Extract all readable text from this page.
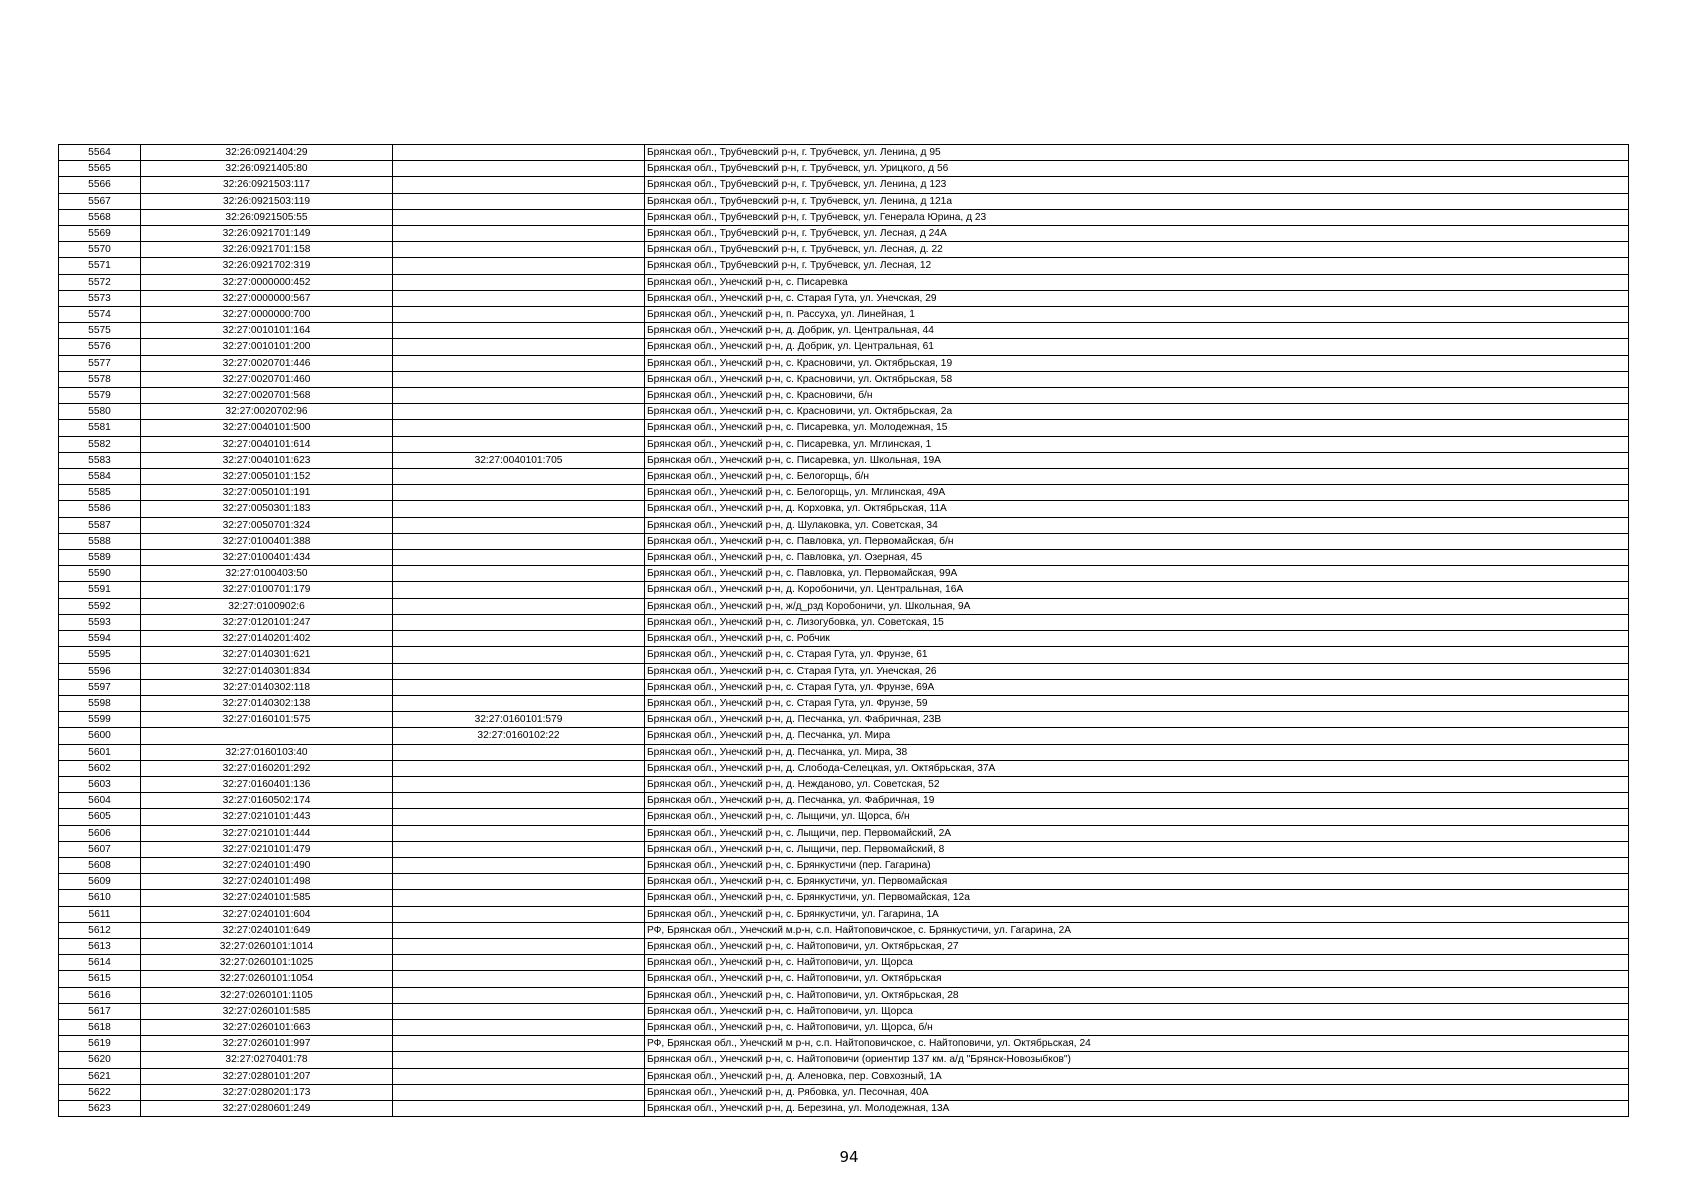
5564	32:26:0921404:29		Брянская обл., Трубчевский р-н, г. Трубчевск, ул. Ленина, д 95
5565	32:26:0921405:80		Брянская обл., Трубчевский р-н, г. Трубчевск, ул. Урицкого, д 56
5566	32:26:0921503:117		Брянская обл., Трубчевский р-н, г. Трубчевск, ул. Ленина, д 123
5567	32:26:0921503:119		Брянская обл., Трубчевский р-н, г. Трубчевск, ул. Ленина, д 121а
5568	32:26:0921505:55		Брянская обл., Трубчевский р-н, г. Трубчевск, ул. Генерала Юрина, д 23
5569	32:26:0921701:149		Брянская обл., Трубчевский р-н, г. Трубчевск, ул. Лесная, д 24А
5570	32:26:0921701:158		Брянская обл., Трубчевский р-н, г. Трубчевск, ул. Лесная, д. 22
5571	32:26:0921702:319		Брянская обл., Трубчевский р-н, г. Трубчевск, ул. Лесная, 12
5572	32:27:0000000:452		Брянская обл., Унечский р-н, с. Писаревка
5573	32:27:0000000:567		Брянская обл., Унечский р-н, с. Старая Гута, ул. Унечская, 29
5574	32:27:0000000:700		Брянская обл., Унечский р-н, п. Рассуха, ул. Линейная, 1
5575	32:27:0010101:164		Брянская обл., Унечский р-н, д. Добрик, ул. Центральная, 44
5576	32:27:0010101:200		Брянская обл., Унечский р-н, д. Добрик, ул. Центральная, 61
5577	32:27:0020701:446		Брянская обл., Унечский р-н, с. Красновичи, ул. Октябрьская, 19
5578	32:27:0020701:460		Брянская обл., Унечский р-н, с. Красновичи, ул. Октябрьская, 58
5579	32:27:0020701:568		Брянская обл., Унечский р-н, с. Красновичи, б/н
5580	32:27:0020702:96		Брянская обл., Унечский р-н, с. Красновичи, ул. Октябрьская, 2а
5581	32:27:0040101:500		Брянская обл., Унечский р-н, с. Писаревка, ул. Молодежная, 15
5582	32:27:0040101:614		Брянская обл., Унечский р-н, с. Писаревка, ул. Мглинская, 1
5583	32:27:0040101:623	32:27:0040101:705	Брянская обл., Унечский р-н, с. Писаревка, ул. Школьная, 19А
5584	32:27:0050101:152		Брянская обл., Унечский р-н, с. Белогорщь, б/н
5585	32:27:0050101:191		Брянская обл., Унечский р-н, с. Белогорщь, ул. Мглинская, 49А
5586	32:27:0050301:183		Брянская обл., Унечский р-н, д. Корховка, ул. Октябрьская, 11А
5587	32:27:0050701:324		Брянская обл., Унечский р-н, д. Шулаковка, ул. Советская, 34
5588	32:27:0100401:388		Брянская обл., Унечский р-н, с. Павловка, ул. Первомайская, б/н
5589	32:27:0100401:434		Брянская обл., Унечский р-н, с. Павловка, ул. Озерная, 45
5590	32:27:0100403:50		Брянская обл., Унечский р-н, с. Павловка, ул. Первомайская, 99А
5591	32:27:0100701:179		Брянская обл., Унечский р-н, д. Коробоничи, ул. Центральная, 16А
5592	32:27:0100902:6		Брянская обл., Унечский р-н, ж/д_рзд Коробоничи, ул. Школьная, 9А
5593	32:27:0120101:247		Брянская обл., Унечский р-н, с. Лизогубовка, ул. Советская, 15
5594	32:27:0140201:402		Брянская обл., Унечский р-н, с. Робчик
5595	32:27:0140301:621		Брянская обл., Унечский р-н, с. Старая Гута, ул. Фрунзе, 61
5596	32:27:0140301:834		Брянская обл., Унечский р-н, с. Старая Гута, ул. Унечская, 26
5597	32:27:0140302:118		Брянская обл., Унечский р-н, с. Старая Гута, ул. Фрунзе, 69А
5598	32:27:0140302:138		Брянская обл., Унечский р-н, с. Старая Гута, ул. Фрунзе, 59
5599	32:27:0160101:575	32:27:0160101:579	Брянская обл., Унечский р-н, д. Песчанка, ул. Фабричная, 23В
5600		32:27:0160102:22	Брянская обл., Унечский р-н, д. Песчанка, ул. Мира
5601	32:27:0160103:40		Брянская обл., Унечский р-н, д. Песчанка, ул. Мира, 38
5602	32:27:0160201:292		Брянская обл., Унечский р-н, д. Слобода-Селецкая, ул. Октябрьская, 37А
5603	32:27:0160401:136		Брянская обл., Унечский р-н, д. Нежданово, ул. Советская, 52
5604	32:27:0160502:174		Брянская обл., Унечский р-н, д. Песчанка, ул. Фабричная, 19
5605	32:27:0210101:443		Брянская обл., Унечский р-н, с. Лыщичи, ул. Щорса, б/н
5606	32:27:0210101:444		Брянская обл., Унечский р-н, с. Лыщичи, пер. Первомайский, 2А
5607	32:27:0210101:479		Брянская обл., Унечский р-н, с. Лыщичи, пер. Первомайский, 8
5608	32:27:0240101:490		Брянская обл., Унечский р-н, с. Брянкустичи (пер. Гагарина)
5609	32:27:0240101:498		Брянская обл., Унечский р-н, с. Брянкустичи, ул. Первомайская
5610	32:27:0240101:585		Брянская обл., Унечский р-н, с. Брянкустичи, ул. Первомайская, 12а
5611	32:27:0240101:604		Брянская обл., Унечский р-н, с. Брянкустичи, ул. Гагарина, 1А
5612	32:27:0240101:649		РФ, Брянская обл., Унечский м.р-н, с.п. Найтоповичское, с. Брянкустичи, ул. Гагарина, 2А
5613	32:27:0260101:1014		Брянская обл., Унечский р-н, с. Найтоповичи, ул. Октябрьская, 27
5614	32:27:0260101:1025		Брянская обл., Унечский р-н, с. Найтоповичи, ул. Щорса
5615	32:27:0260101:1054		Брянская обл., Унечский р-н, с. Найтоповичи, ул. Октябрьская
5616	32:27:0260101:1105		Брянская обл., Унечский р-н, с. Найтоповичи, ул. Октябрьская, 28
5617	32:27:0260101:585		Брянская обл., Унечский р-н, с. Найтоповичи, ул. Щорса
5618	32:27:0260101:663		Брянская обл., Унечский р-н, с. Найтоповичи, ул. Щорса, б/н
5619	32:27:0260101:997		РФ, Брянская обл., Унечский м р-н, с.п. Найтоповичское, с. Найтоповичи, ул. Октябрьская, 24
5620	32:27:0270401:78		Брянская обл., Унечский р-н, с. Найтоповичи (ориентир 137 км. а/д "Брянск-Новозыбков")
5621	32:27:0280101:207		Брянская обл., Унечский р-н, д. Аленовка, пер. Совхозный, 1А
5622	32:27:0280201:173		Брянская обл., Унечский р-н, д. Рябовка, ул. Песочная, 40А
5623	32:27:0280601:249		Брянская обл., Унечский р-н, д. Березина, ул. Молодежная, 13А
94
